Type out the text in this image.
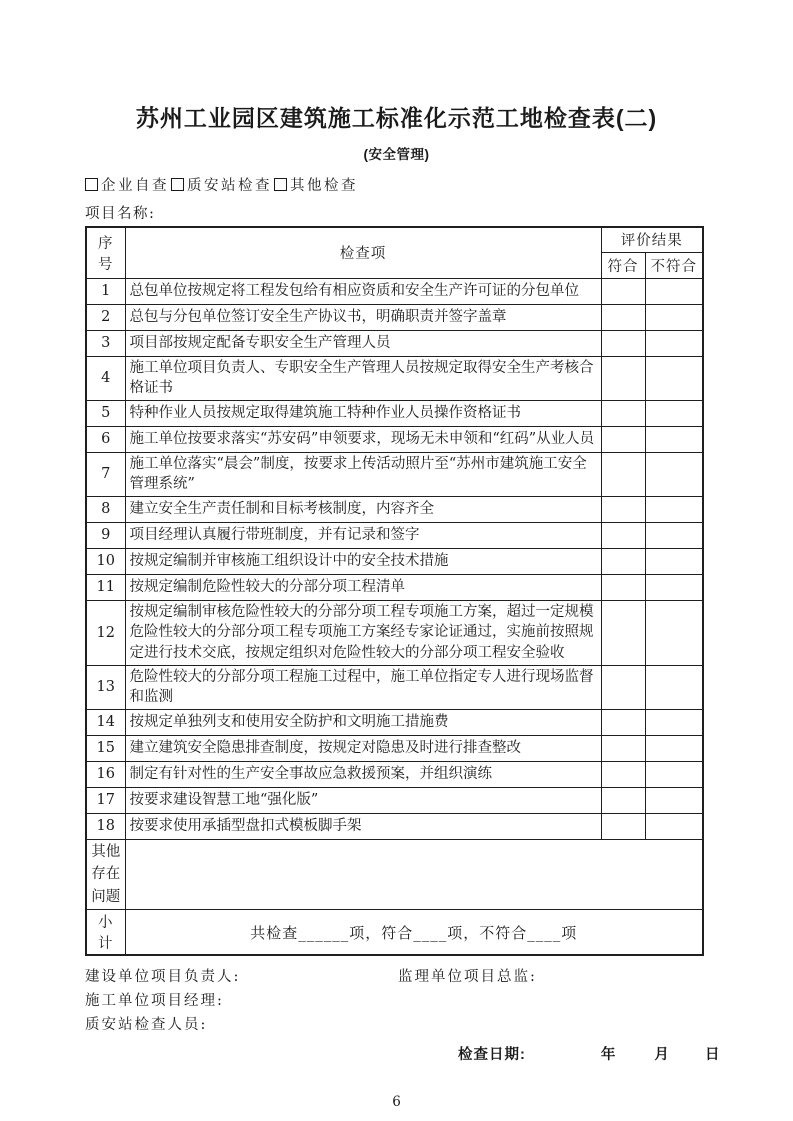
苏州工业园区建筑施工标准化示范工地检查表(二)
(安全管理)
企业自查 质安站检查 其他检查
项目名称:
序号	检查项	评价结果	
		符合	不符合
1	总包单位按规定将工程发包给有相应资质和安全生产许可证的分包单位		
2	总包与分包单位签订安全生产协议书，明确职责并签字盖章		
3	项目部按规定配备专职安全生产管理人员		
4	施工单位项目负责人、专职安全生产管理人员按规定取得安全生产考核合格证书		
5	特种作业人员按规定取得建筑施工特种作业人员操作资格证书		
6	施工单位按要求落实“苏安码”申领要求，现场无未申领和“红码”从业人员		
7	施工单位落实“晨会”制度，按要求上传活动照片至“苏州市建筑施工安全管理系统”		
8	建立安全生产责任制和目标考核制度，内容齐全		
9	项目经理认真履行带班制度，并有记录和签字		
10	按规定编制并审核施工组织设计中的安全技术措施		
11	按规定编制危险性较大的分部分项工程清单		
12	按规定编制审核危险性较大的分部分项工程专项施工方案，超过一定规模危险性较大的分部分项工程专项施工方案经专家论证通过，实施前按照规定进行技术交底，按规定组织对危险性较大的分部分项工程安全验收		
13	危险性较大的分部分项工程施工过程中，施工单位指定专人进行现场监督和监测		
14	按规定单独列支和使用安全防护和文明施工措施费		
15	建立建筑安全隐患排查制度，按规定对隐患及时进行排查整改		
16	制定有针对性的生产安全事故应急救援预案，并组织演练		
17	按要求建设智慧工地“强化版”		
18	按要求使用承插型盘扣式模板脚手架		
其他存在问题			
小计	共检查______项，符合____项，不符合____项		
建设单位项目负责人:	监理单位项目总监:
施工单位项目经理:
质安站检查人员:
检查日期:	年	月 日
6
